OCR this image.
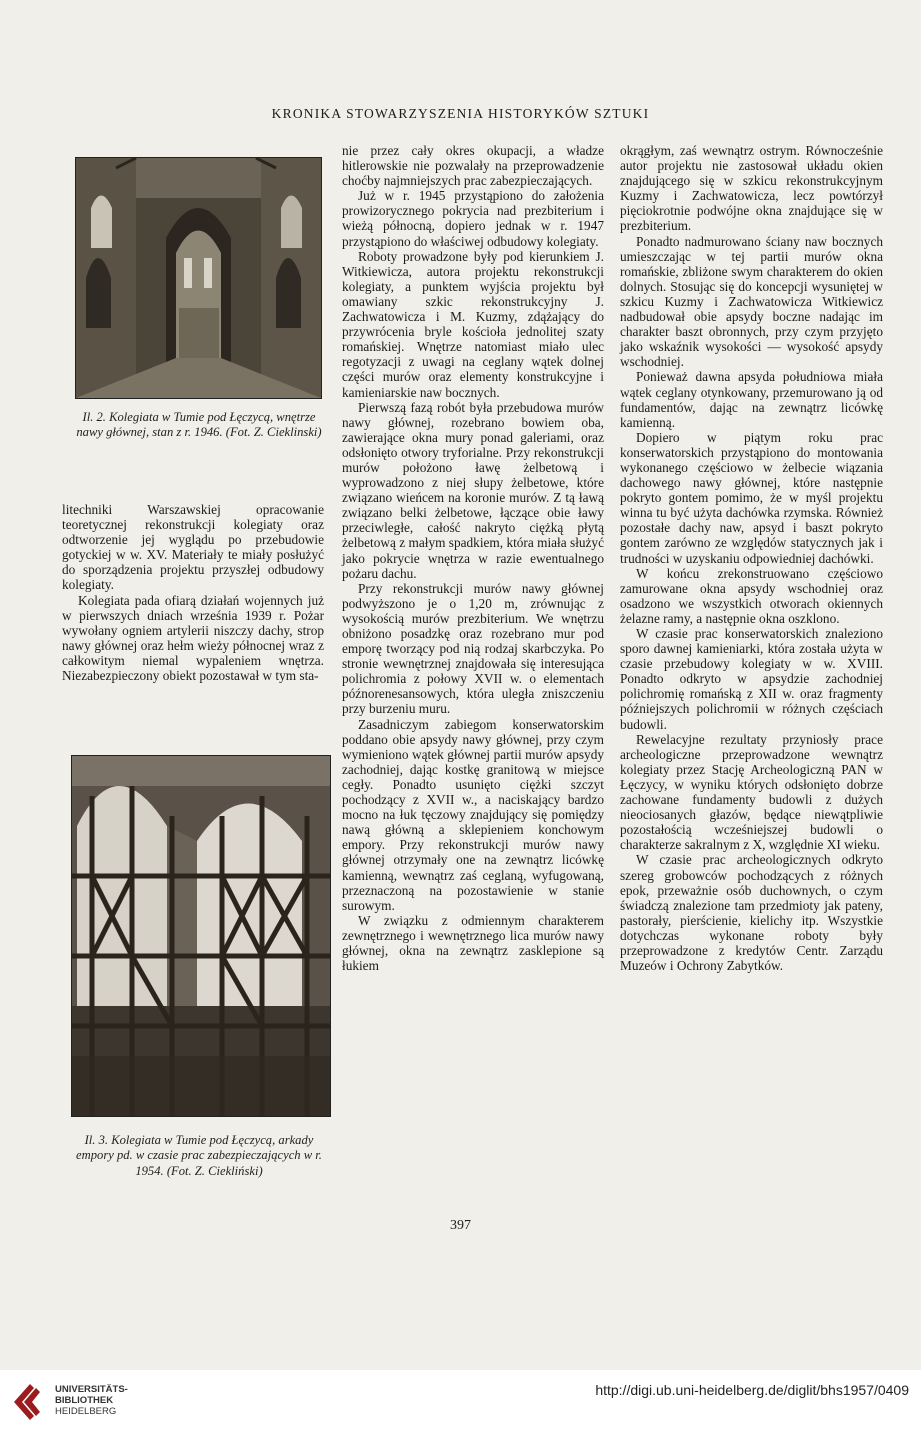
KRONIKA STOWARZYSZENIA HISTORYKÓW SZTUKI
Il. 2. Kolegiata w Tumie pod Łęczycą, wnętrze nawy głównej, stan z r. 1946. (Fot. Z. Cieklinski)
Il. 3. Kolegiata w Tumie pod Łęczycą, arkady empory pd. w czasie prac zabezpieczających w r. 1954. (Fot. Z. Ciekliński)

litechniki Warszawskiej opracowanie teoretycznej rekonstrukcji kolegiaty oraz odtworzenie jej wyglądu po przebudowie gotyckiej w w. XV. Materiały te miały posłużyć do sporządzenia projektu przyszłej odbudowy kolegiaty.

Kolegiata pada ofiarą działań wojennych już w pierwszych dniach września 1939 r. Pożar wywołany ogniem artylerii niszczy dachy, strop nawy głównej oraz hełm wieży północnej wraz z całkowitym niemal wypaleniem wnętrza. Niezabezpieczony obiekt pozostawał w tym sta-

nie przez cały okres okupacji, a władze hitlerowskie nie pozwalały na przeprowadzenie choćby najmniejszych prac zabezpieczających.

Już w r. 1945 przystąpiono do założenia prowizorycznego pokrycia nad prezbiterium i wieżą północną, dopiero jednak w r. 1947 przystąpiono do właściwej odbudowy kolegiaty.

Roboty prowadzone były pod kierunkiem J. Witkiewicza, autora projektu rekonstrukcji kolegiaty, a punktem wyjścia projektu był omawiany szkic rekonstrukcyjny J. Zachwatowicza i M. Kuzmy, zdążający do przywrócenia bryle kościoła jednolitej szaty romańskiej. Wnętrze natomiast miało ulec regotyzacji z uwagi na ceglany wątek dolnej części murów oraz elementy konstrukcyjne i kamieniarskie naw bocznych.

Pierwszą fazą robót była przebudowa murów nawy głównej, rozebrano bowiem oba, zawierające okna mury ponad galeriami, oraz odsłonięto otwory tryforialne. Przy rekonstrukcji murów położono ławę żelbetową i wyprowadzono z niej słupy żelbetowe, które związano wieńcem na koronie murów. Z tą ławą związano belki żelbetowe, łączące obie ławy przeciwległe, całość nakryto ciężką płytą żelbetową z małym spadkiem, która miała służyć jako pokrycie wnętrza w razie ewentualnego pożaru dachu.

Przy rekonstrukcji murów nawy głównej podwyższono je o 1,20 m, zrównując z wysokością murów prezbiterium. We wnętrzu obniżono posadzkę oraz rozebrano mur pod emporę tworzący pod nią rodzaj skarbczyka. Po stronie wewnętrznej znajdowała się interesująca polichromia z połowy XVII w. o elementach późnorenesansowych, która uległa zniszczeniu przy burzeniu muru.

Zasadniczym zabiegom konserwatorskim poddano obie apsydy nawy głównej, przy czym wymieniono wątek głównej partii murów apsydy zachodniej, dając kostkę granitową w miejsce cegły. Ponadto usunięto ciężki szczyt pochodzący z XVII w., a naciskający bardzo mocno na łuk tęczowy znajdujący się pomiędzy nawą główną a sklepieniem konchowym empory. Przy rekonstrukcji murów nawy głównej otrzymały one na zewnątrz licówkę kamienną, wewnątrz zaś ceglaną, wyfugowaną, przeznaczoną na pozostawienie w stanie surowym.

W związku z odmiennym charakterem zewnętrznego i wewnętrznego lica murów nawy głównej, okna na zewnątrz zasklepione są łukiem

okrągłym, zaś wewnątrz ostrym. Równocześnie autor projektu nie zastosował układu okien znajdującego się w szkicu rekonstrukcyjnym Kuzmy i Zachwatowicza, lecz powtórzył pięciokrotnie podwójne okna znajdujące się w prezbiterium.

Ponadto nadmurowano ściany naw bocznych umieszczając w tej partii murów okna romańskie, zbliżone swym charakterem do okien dolnych. Stosując się do koncepcji wysuniętej w szkicu Kuzmy i Zachwatowicza Witkiewicz nadbudował obie apsydy boczne nadając im charakter baszt obronnych, przy czym przyjęto jako wskaźnik wysokości — wysokość apsydy wschodniej.

Ponieważ dawna apsyda południowa miała wątek ceglany otynkowany, przemurowano ją od fundamentów, dając na zewnątrz licówkę kamienną.

Dopiero w piątym roku prac konserwatorskich przystąpiono do montowania wykonanego częściowo w żelbecie wiązania dachowego nawy głównej, które następnie pokryto gontem pomimo, że w myśl projektu winna tu być użyta dachówka rzymska. Również pozostałe dachy naw, apsyd i baszt pokryto gontem zarówno ze względów statycznych jak i trudności w uzyskaniu odpowiedniej dachówki.

W końcu zrekonstruowano częściowo zamurowane okna apsydy wschodniej oraz osadzono we wszystkich otworach okiennych żelazne ramy, a następnie okna oszklono.

W czasie prac konserwatorskich znaleziono sporo dawnej kamieniarki, która została użyta w czasie przebudowy kolegiaty w w. XVIII. Ponadto odkryto w apsydzie zachodniej polichromię romańską z XII w. oraz fragmenty późniejszych polichromii w różnych częściach budowli.

Rewelacyjne rezultaty przyniosły prace archeologiczne przeprowadzone wewnątrz kolegiaty przez Stację Archeologiczną PAN w Łęczycy, w wyniku których odsłonięto dobrze zachowane fundamenty budowli z dużych nieociosanych głazów, będące niewątpliwie pozostałością wcześniejszej budowli o charakterze sakralnym z X, względnie XI wieku.

W czasie prac archeologicznych odkryto szereg grobowców pochodzących z różnych epok, przeważnie osób duchownych, o czym świadczą znalezione tam przedmioty jak pateny, pastorały, pierścienie, kielichy itp. Wszystkie dotychczas wykonane roboty były przeprowadzone z kredytów Centr. Zarządu Muzeów i Ochrony Zabytków.

397
UNIVERSITÄTS-
BIBLIOTHEK
HEIDELBERG
http://digi.ub.uni-heidelberg.de/diglit/bhs1957/0409
